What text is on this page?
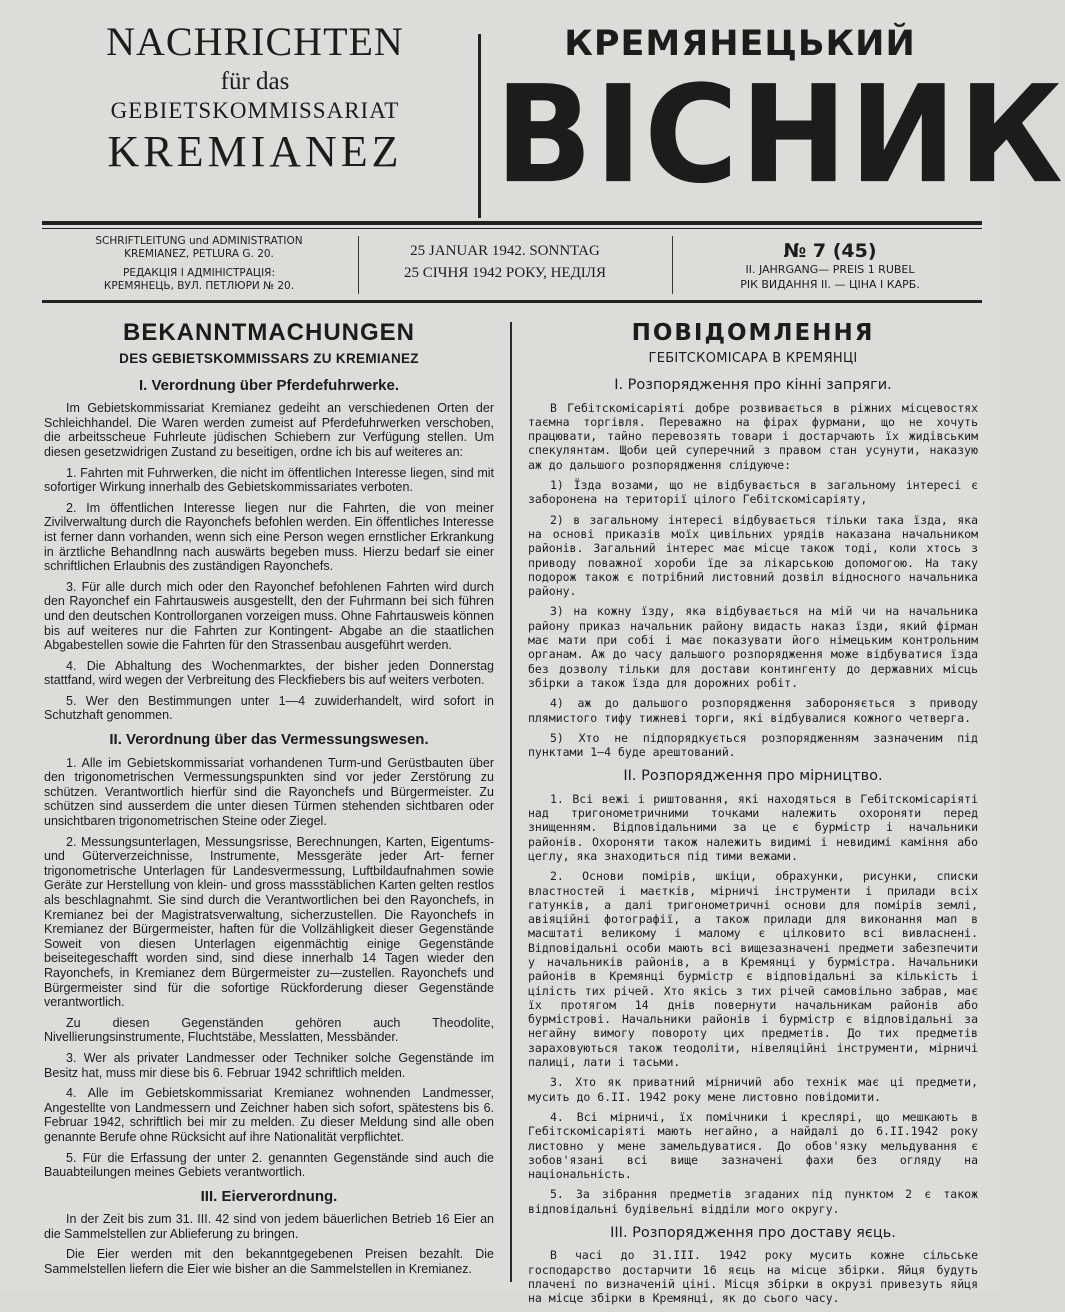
NACHRICHTEN
für das
GEBIETSKOMMISSARIAT
KREMIANEZ
КРЕМЯНЕЦЬКИЙ
ВІСНИК
SCHRIFTLEITUNG und ADMINISTRATION
KREMIANEZ, PETLURA G. 20.
РЕДАКЦІЯ І АДМІНІСТРАЦІЯ:
КРЕМЯНЕЦЬ, ВУЛ. ПЕТЛЮРИ № 20.
25 JANUAR 1942. SONNTAG
25 СІЧНЯ 1942 РОКУ, НЕДІЛЯ
№ 7 (45)
II. JAHRGANG— PREIS 1 RUBEL
РІК ВИДАННЯ II. — ЦІНА І КАРБ.
BEKANNTMACHUNGEN
DES GEBIETSKOMMISSARS ZU KREMIANEZ
I. Verordnung über Pferdefuhrwerke.

Im Gebietskommissariat Kremianez gedeiht an verschiedenen Orten der Schleichhandel. Die Waren werden zumeist auf Pferdefuhrwerken verschoben, die arbeitsscheue Fuhrleute jüdischen Schiebern zur Verfügung stellen. Um diesen gesetzwidrigen Zustand zu beseitigen, ordne ich bis auf weiteres an:

1. Fahrten mit Fuhrwerken, die nicht im öffentlichen Interesse liegen, sind mit sofortiger Wirkung innerhalb des Gebietskommissariates verboten.

2. Im öffentlichen Interesse liegen nur die Fahrten, die von meiner Zivilverwaltung durch die Rayonchefs befohlen werden. Ein öffentliches Interesse ist ferner dann vorhanden, wenn sich eine Person wegen ernstlicher Erkrankung in ärztliche Behandlnng nach auswärts begeben muss. Hierzu bedarf sie einer schriftlichen Erlaubnis des zuständigen Rayonchefs.

3. Für alle durch mich oder den Rayonchef befohlenen Fahrten wird durch den Rayonchef ein Fahrtausweis ausgestellt, den der Fuhrmann bei sich führen und den deutschen Kontrollorganen vorzeigen muss. Ohne Fahrtausweis können bis auf weiteres nur die Fahrten zur Kontingent- Abgabe an die staatlichen Abgabestellen sowie die Fahrten für den Strassenbau ausgeführt werden.

4. Die Abhaltung des Wochenmarktes, der bisher jeden Donnerstag stattfand, wird wegen der Verbreitung des Fleckfiebers bis auf weiters verboten.

5. Wer den Bestimmungen unter 1—4 zuwiderhandelt, wird sofort in Schutzhaft genommen.

II. Verordnung über das Vermessungswesen.

1. Alle im Gebietskommissariat vorhandenen Turm-und Gerüstbauten über den trigonometrischen Vermessungspunkten sind vor jeder Zerstörung zu schützen. Verantwortlich hierfür sind die Rayonchefs und Bürgermeister. Zu schützen sind ausserdem die unter diesen Türmen stehenden sichtbaren oder unsichtbaren trigonometrischen Steine oder Ziegel.

2. Messungsunterlagen, Messungsrisse, Berechnungen, Karten, Eigentums-und Güterverzeichnisse, Instrumente, Messgeräte jeder Art- ferner trigonometrische Unterlagen für Landesvermessung, Luftbildaufnahmen sowie Geräte zur Herstellung von klein- und gross massstäblichen Karten gelten restlos als beschlagnahmt. Sie sind durch die Verantwortlichen bei den Rayonchefs, in Kremianez bei der Magistratsverwaltung, sicherzustellen. Die Rayonchefs in Kremianez der Bürgermeister, haften für die Vollzähligkeit dieser Gegenstände Soweit von diesen Unterlagen eigenmächtig einige Gegenstände beiseitegeschafft worden sind, sind diese innerhalb 14 Tagen wieder den Rayonchefs, in Kremianez dem Bürgermeister zu—zustellen. Rayonchefs und Bürgermeister sind für die sofortige Rückforderung dieser Gegenstände verantwortlich.

Zu diesen Gegenständen gehören auch Theodolite, Nivellierungsinstrumente, Fluchtstäbe, Messlatten, Messbänder.

3. Wer als privater Landmesser oder Techniker solche Gegenstände im Besitz hat, muss mir diese bis 6. Februar 1942 schriftlich melden.

4. Alle im Gebietskommissariat Kremianez wohnenden Landmesser, Angestellte von Landmessern und Zeichner haben sich sofort, spätestens bis 6. Februar 1942, schriftlich bei mir zu melden. Zu dieser Meldung sind alle oben genannte Berufe ohne Rücksicht auf ihre Nationalität verpflichtet.

5. Für die Erfassung der unter 2. genannten Gegenstände sind auch die Bauabteilungen meines Gebiets verantwortlich.

III. Eierverordnung.

In der Zeit bis zum 31. III. 42 sind von jedem bäuerlichen Betrieb 16 Eier an die Sammelstellen zur Ablieferung zu bringen.

Die Eier werden mit den bekanntgegebenen Preisen bezahlt. Die Sammelstellen liefern die Eier wie bisher an die Sammelstellen in Kremianez.

ПОВІДОМЛЕННЯ
ГЕБІТСКОМІСАРА В КРЕМЯНЦІ
I. Розпорядження про кінні запряги.

В Гебітскомісаріяті добре розвивається в ріжних місцевостях таємна торгівля. Переважно на фірах фурмани, що не хочуть працювати, тайно перевозять товари і достарчають їх жидівським спекулянтам. Щоби цей суперечний з правом стан усунути, наказую аж до дальшого розпорядження слідуюче:

1) Їзда возами, що не відбувається в загальному інтересі є заборонена на території цілого Гебітскомісаріяту,

2) в загальному інтересі відбувається тільки така їзда, яка на основі приказів моїх цивільних урядів наказана начальником районів. Загальний інтерес має місце також тоді, коли хтось з приводу поважної хороби їде за лікарською допомогою. На таку подорож також є потрібний листовний дозвіл відносного начальника району.

3) на кожну їзду, яка відбувається на мій чи на начальника району приказ начальник району видасть наказ їзди, який фірман має мати при собі і має показувати його німецьким контрольним органам. Аж до часу дальшого розпорядження може відбуватися їзда без дозволу тільки для достави контингенту до державних місць збірки а також їзда для дорожних робіт.

4) аж до дальшого розпорядження забороняється з приводу плямистого тифу тижневі торги, які відбувалися кожного четверга.

5) Хто не підпорядкується розпорядженням зазначеним під пунктами 1—4 буде арештований.

II. Розпорядження про мірництво.

1. Всі вежі і риштовання, які находяться в Гебітскомісаріяті над тригонометричними точками належить охороняти перед знищенням. Відповідальними за це є бурмістр і начальники районів. Охороняти також належить видимі і невидимі каміння або цеглу, яка знаходиться під тими вежами.

2. Основи помірів, шкіци, обрахунки, рисунки, списки властностей і маєтків, мірничі інструменти і прилади всіх гатунків, а далі тригонометричні основи для помірів землі, авіяційні фотографії, а також прилади для виконання мап в масштаті великому і малому є цілковито всі вивласнені. Відповідальні особи мають всі вищезазначені предмети забезпечити у начальників районів, а в Кремянці у бурмістра. Начальники районів в Кремянці бурмістр є відповідальні за кількість і цілість тих річей. Хто якісь з тих річей самовільно забрав, має їх протягом 14 днів повернути начальникам районів або бурмістрові. Начальники районів і бурмістр є відповідальні за негайну вимогу повороту цих предметів. До тих предметів зараховуються також теодоліти, нівеляційні інструменти, мірничі палиці, лати і тасьми.

3. Хто як приватний мірничий або технік має ці предмети, мусить до 6.II. 1942 року мене листовно повідомити.

4. Всі мірничі, їх помічники і креслярі, що мешкають в Гебітскомісаріяті мають негайно, а найдалі до 6.II.1942 року листовно у мене замельдуватися. До обов'язку мельдування є зобов'язані всі вище зазначені фахи без огляду на національність.

5. За зібрання предметів згаданих під пунктом 2 є також відповідальні будівельні відділи мого округу.

III. Розпорядження про доставу яєць.

В часі до 31.III. 1942 року мусить кожне сільське господарство достарчити 16 яєць на місце збірки. Яйця будуть плачені по визначеній ціні. Місця збірки в окрузі привезуть яйця на місце збірки в Кремянці, як до сього часу.
